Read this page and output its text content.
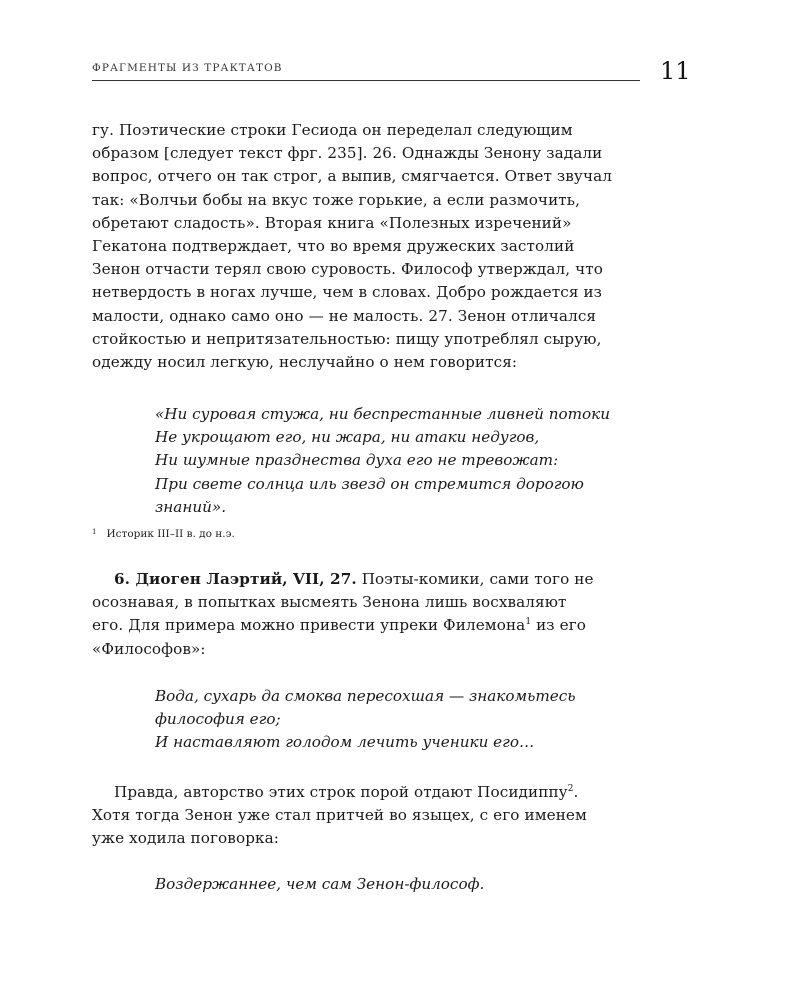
ФРАГМЕНТЫ ИЗ ТРАКТАТОВ	11
гу. Поэтические строки Гесиода он переделал следующим
образом [следует текст фрг. 235]. 26. Однажды Зенону задали
вопрос, отчего он так строг, а выпив, смягчается. Ответ звучал
так: «Волчьи бобы на вкус тоже горькие, а если размочить,
обретают сладость». Вторая книга «Полезных изречений»
Гекатона подтверждает, что во время дружеских застолий
Зенон отчасти терял свою суровость. Философ утверждал, что
нетвердость в ногах лучше, чем в словах. Добро рождается из
малости, однако само оно — не малость. 27. Зенон отличался
стойкостью и непритязательностью: пищу употреблял сырую,
одежду носил легкую, неслучайно о нем говорится:
«Ни суровая стужа, ни беспрестанные ливней потоки
Не укрощают его, ни жара, ни атаки недугов,
Ни шумные празднества духа его не тревожат:
При свете солнца иль звезд он стремится дорогою
знаний».
$^1$ Историк III–II в. до н.э.
6. Диоген Лаэртий, VII, 27. Поэты-комики, сами того не
осознавая, в попытках высмеять Зенона лишь восхваляют
его. Для примера можно привести упреки Филемона$^1$ из его
«Философов»:
Вода, сухарь да смоква пересохшая — знакомьтесь
философия его;
И наставляют голодом лечить ученики его…
Правда, авторство этих строк порой отдают Посидиппу$^2$.
Хотя тогда Зенон уже стал притчей во языцех, с его именем
уже ходила поговорка:
Воздержаннее, чем сам Зенон-философ.
